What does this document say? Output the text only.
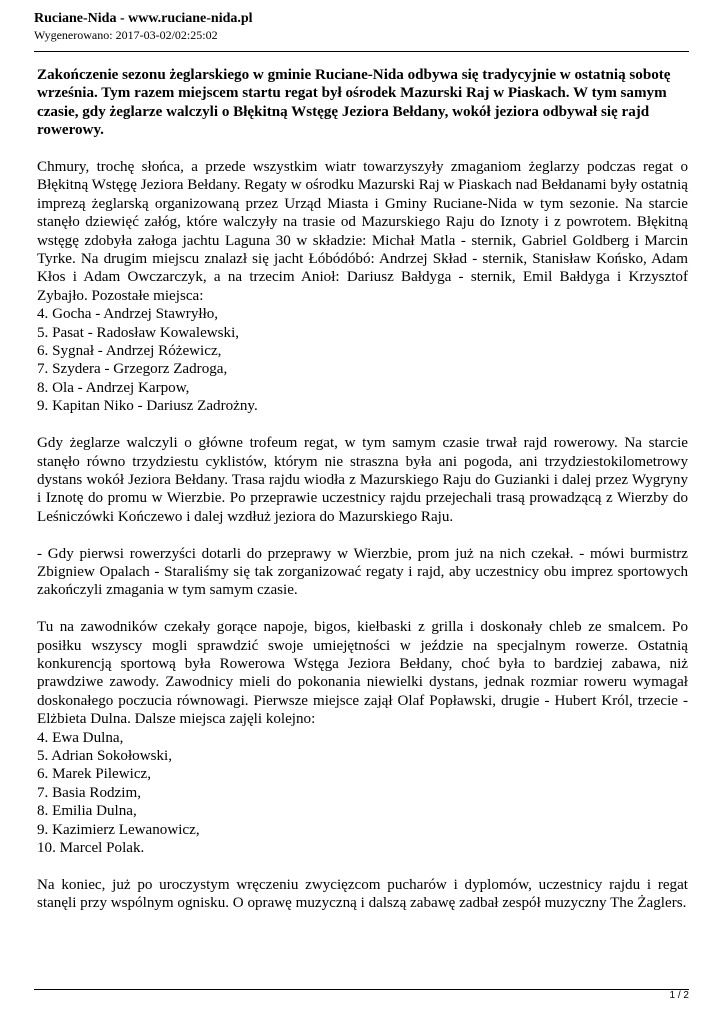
Ruciane-Nida - www.ruciane-nida.pl
Wygenerowano: 2017-03-02/02:25:02

Zakończenie sezonu żeglarskiego w gminie Ruciane-Nida odbywa się tradycyjnie w ostatnią sobotę września. Tym razem miejscem startu regat był ośrodek Mazurski Raj w Piaskach. W tym samym czasie, gdy żeglarze walczyli o Błękitną Wstęgę Jeziora Bełdany, wokół jeziora odbywał się rajd rowerowy.

Chmury, trochę słońca, a przede wszystkim wiatr towarzyszyły zmaganiom żeglarzy podczas regat o Błękitną Wstęgę Jeziora Bełdany. Regaty w ośrodku Mazurski Raj w Piaskach nad Bełdanami były ostatnią imprezą żeglarską organizowaną przez Urząd Miasta i Gminy Ruciane-Nida w tym sezonie. Na starcie stanęło dziewięć załóg, które walczyły na trasie od Mazurskiego Raju do Iznoty i z powrotem. Błękitną wstęgę zdobyła załoga jachtu Laguna 30 w składzie: Michał Matla - sternik, Gabriel Goldberg i Marcin Tyrke. Na drugim miejscu znalazł się jacht Łóbódóbó: Andrzej Skład - sternik, Stanisław Końsko, Adam Kłos i Adam Owczarczyk, a na trzecim Anioł: Dariusz Bałdyga - sternik, Emil Bałdyga i Krzysztof Zybajło. Pozostałe miejsca:

4. Gocha - Andrzej Stawryłło,
5. Pasat - Radosław Kowalewski,
6. Sygnał - Andrzej Różewicz,
7. Szydera - Grzegorz Zadroga,
8. Ola - Andrzej Karpow,
9. Kapitan Niko - Dariusz Zadrożny.

Gdy żeglarze walczyli o główne trofeum regat, w tym samym czasie trwał rajd rowerowy. Na starcie stanęło równo trzydziestu cyklistów, którym nie straszna była ani pogoda, ani trzydziestokilometrowy dystans wokół Jeziora Bełdany. Trasa rajdu wiodła z Mazurskiego Raju do Guzianki i dalej przez Wygryny i Iznotę do promu w Wierzbie. Po przeprawie uczestnicy rajdu przejechali trasą prowadzącą z Wierzby do Leśniczówki Kończewo i dalej wzdłuż jeziora do Mazurskiego Raju.

- Gdy pierwsi rowerzyści dotarli do przeprawy w Wierzbie, prom już na nich czekał. - mówi burmistrz Zbigniew Opalach - Staraliśmy się tak zorganizować regaty i rajd, aby uczestnicy obu imprez sportowych zakończyli zmagania w tym samym czasie.

Tu na zawodników czekały gorące napoje, bigos, kiełbaski z grilla i doskonały chleb ze smalcem. Po posiłku wszyscy mogli sprawdzić swoje umiejętności w jeździe na specjalnym rowerze. Ostatnią konkurencją sportową była Rowerowa Wstęga Jeziora Bełdany, choć była to bardziej zabawa, niż prawdziwe zawody. Zawodnicy mieli do pokonania niewielki dystans, jednak rozmiar roweru wymagał doskonałego poczucia równowagi. Pierwsze miejsce zajął Olaf Popławski, drugie - Hubert Król, trzecie - Elżbieta Dulna. Dalsze miejsca zajęli kolejno:

4. Ewa Dulna,
5. Adrian Sokołowski,
6. Marek Pilewicz,
7. Basia Rodzim,
8. Emilia Dulna,
9. Kazimierz Lewanowicz,
10. Marcel Polak.

Na koniec, już po uroczystym wręczeniu zwycięzcom pucharów i dyplomów, uczestnicy rajdu i regat stanęli przy wspólnym ognisku. O oprawę muzyczną i dalszą zabawę zadbał zespół muzyczny The Żaglers.

1 / 2
